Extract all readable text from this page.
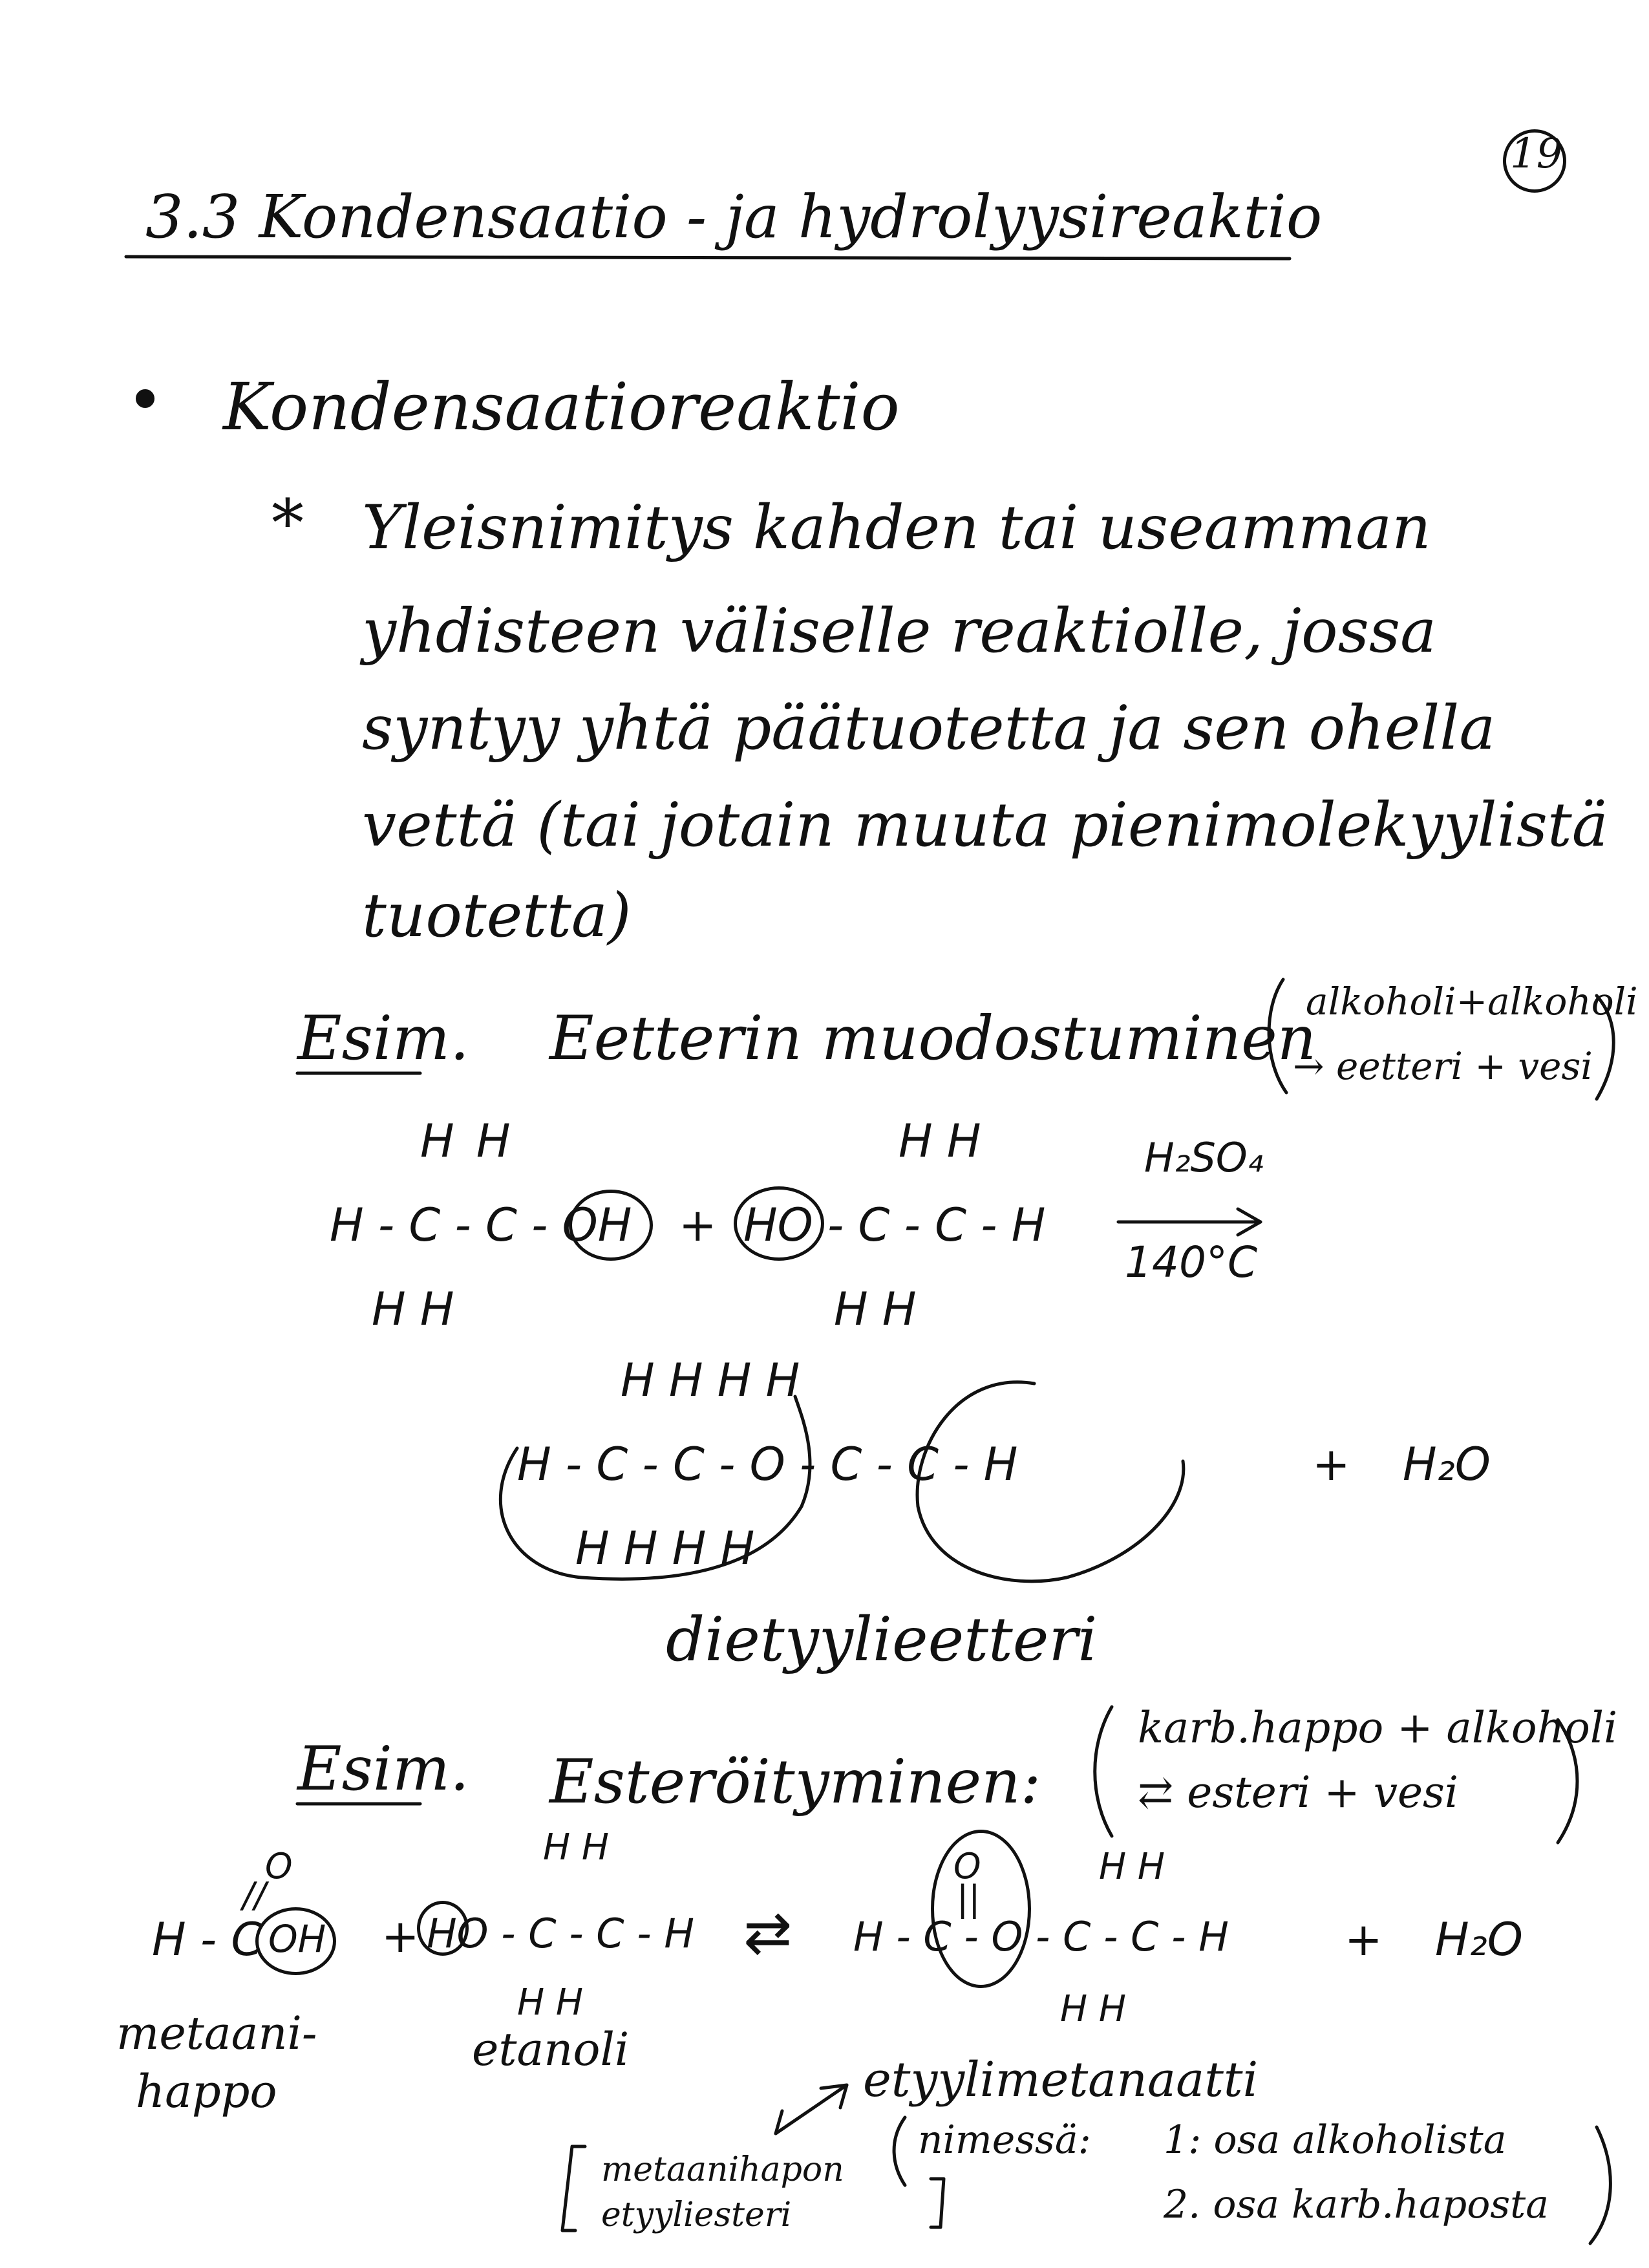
19
3.3 Kondensaatio - ja hydrolyysireaktio
• Kondensaatioreaktio
* Yleisnimitys kahden tai useamman
yhdisteen väliselle reaktiolle, jossa
syntyy yhtä päätuotetta ja sen ohella
vettä (tai jotain muuta pienimolekyylistä
tuotetta)
Esim. Eetterin muodostuminen
alkoholi+alkoholi
→ eetteri + vesi
H H
H - C - C - OH
H H
+
H H
HO - C - C - H
H H
H₂SO₄
140°C
H H H H
H - C - C - O - C - C - H
H H H H
+ H₂O
dietyylieetteri
Esim. Esteröityminen:
karb.happo + alkoholi
⇄ esteri + vesi
O
//
H - C OH +
H H
HO - C - C - H
H H
⇄
O
||
H H
H - C - O - C - C - H
H H
+ H₂O
metaani-
happo
etanoli
etyylimetanaatti
metaanihapon
etyyliesteri
nimessä: 1: osa alkoholista
2. osa karb.haposta
